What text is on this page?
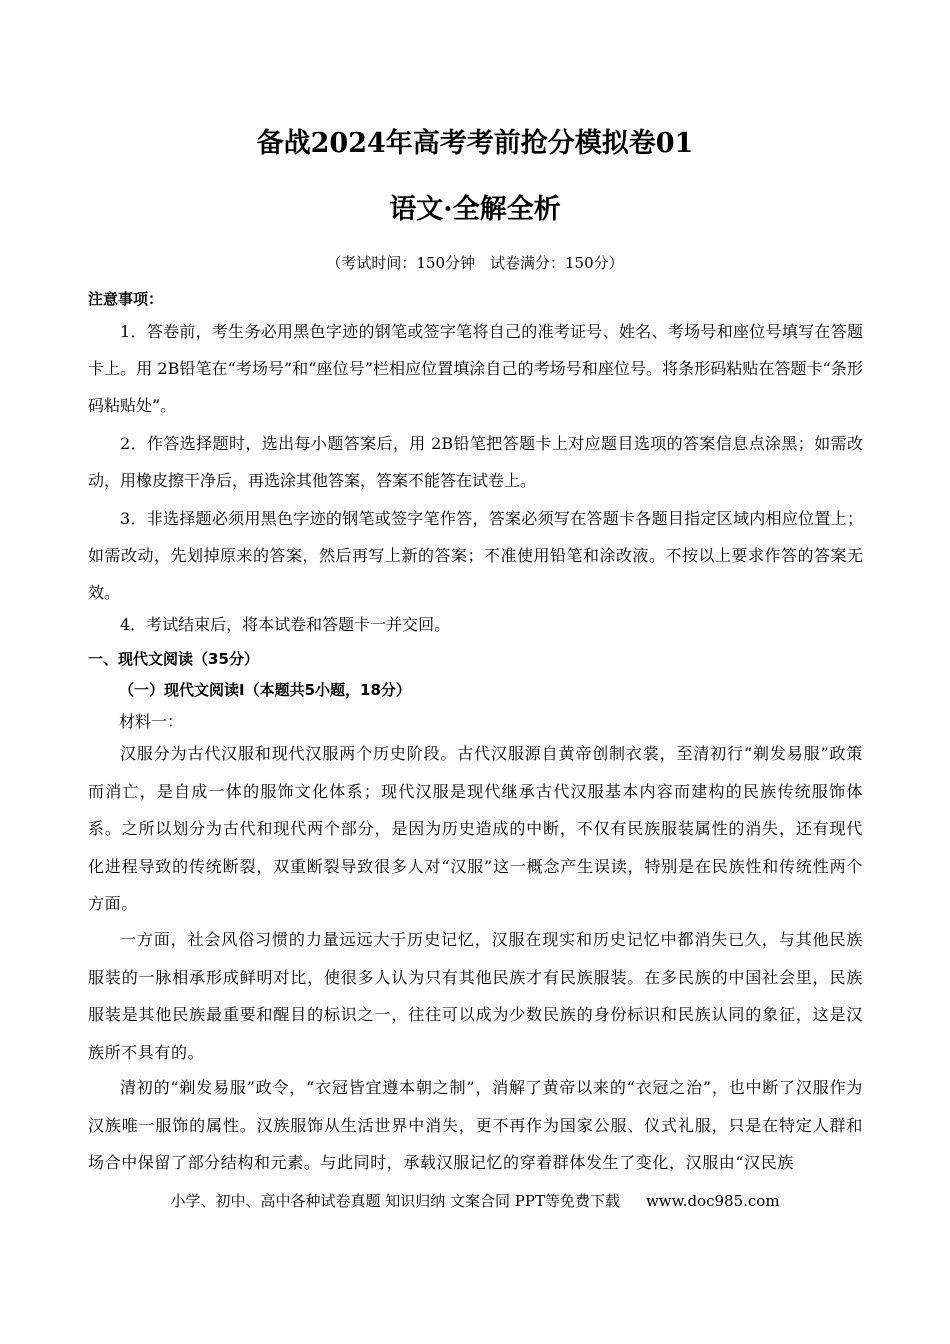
备战2024年高考考前抢分模拟卷01
语文·全解全析
（考试时间：150分钟　试卷满分：150分）
注意事项：
1．答卷前，考生务必用黑色字迹的钢笔或签字笔将自己的准考证号、姓名、考场号和座位号填写在答题卡上。用 2B铅笔在“考场号”和“座位号”栏相应位置填涂自己的考场号和座位号。将条形码粘贴在答题卡“条形码粘贴处”。
2．作答选择题时，选出每小题答案后，用 2B铅笔把答题卡上对应题目选项的答案信息点涂黑；如需改动，用橡皮擦干净后，再选涂其他答案，答案不能答在试卷上。
3．非选择题必须用黑色字迹的钢笔或签字笔作答，答案必须写在答题卡各题目指定区域内相应位置上；如需改动，先划掉原来的答案，然后再写上新的答案；不准使用铅笔和涂改液。不按以上要求作答的答案无效。
4．考试结束后，将本试卷和答题卡一并交回。
一、现代文阅读（35分）
（一）现代文阅读Ⅰ（本题共5小题，18分）
材料一：
汉服分为古代汉服和现代汉服两个历史阶段。古代汉服源自黄帝创制衣裳，至清初行“剃发易服”政策而消亡，是自成一体的服饰文化体系；现代汉服是现代继承古代汉服基本内容而建构的民族传统服饰体系。之所以划分为古代和现代两个部分，是因为历史造成的中断，不仅有民族服装属性的消失，还有现代化进程导致的传统断裂，双重断裂导致很多人对“汉服”这一概念产生误读，特别是在民族性和传统性两个方面。
一方面，社会风俗习惯的力量远远大于历史记忆，汉服在现实和历史记忆中都消失已久，与其他民族服装的一脉相承形成鲜明对比，使很多人认为只有其他民族才有民族服装。在多民族的中国社会里，民族服装是其他民族最重要和醒目的标识之一，往往可以成为少数民族的身份标识和民族认同的象征，这是汉族所不具有的。
清初的“剃发易服”政令，“衣冠皆宜遵本朝之制”，消解了黄帝以来的“衣冠之治”，也中断了汉服作为汉族唯一服饰的属性。汉族服饰从生活世界中消失，更不再作为国家公服、仪式礼服，只是在特定人群和场合中保留了部分结构和元素。与此同时，承载汉服记忆的穿着群体发生了变化，汉服由“汉民族
小学、初中、高中各种试卷真题 知识归纳 文案合同 PPT等免费下载 www.doc985.com
